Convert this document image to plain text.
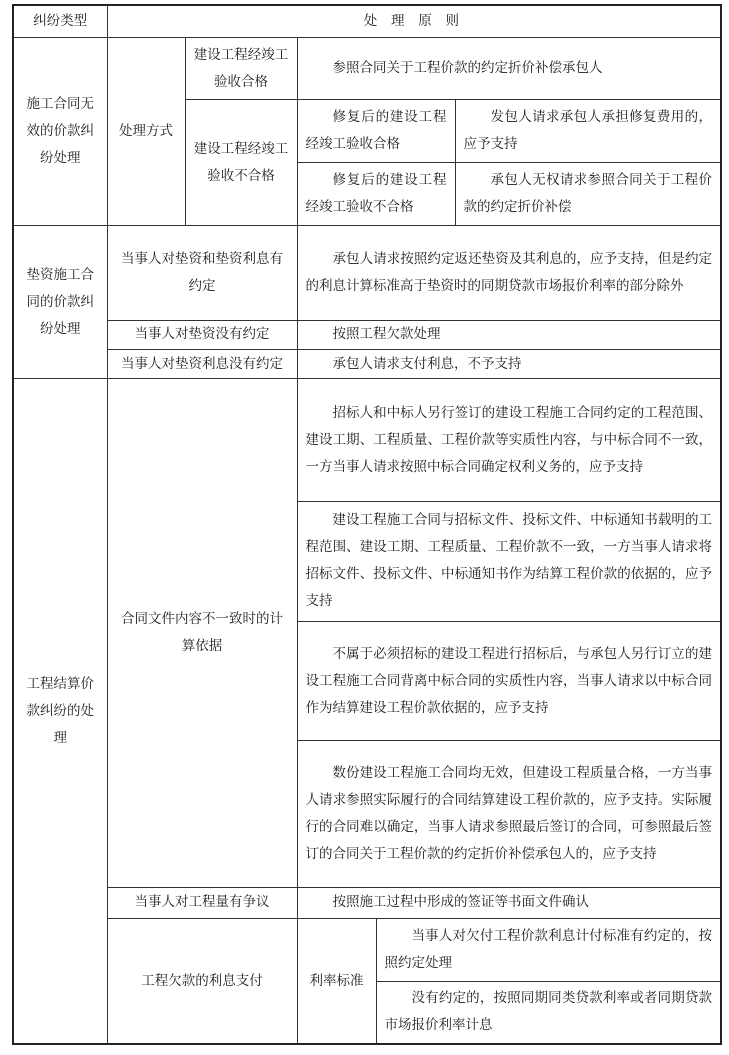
纠纷类型	处 理 原 则				
施工合同无效的价款纠纷处理	处理方式	建设工程经竣工验收合格	参照合同关于工程价款的约定折价补偿承包人		
		建设工程经竣工验收不合格	修复后的建设工程经竣工验收合格		发包人请求承包人承担修复费用的，应予支持
			修复后的建设工程经竣工验收不合格		承包人无权请求参照合同关于工程价款的约定折价补偿
垫资施工合同的价款纠纷处理	当事人对垫资和垫资利息有约定		承包人请求按照约定返还垫资及其利息的，应予支持，但是约定的利息计算标准高于垫资时的同期贷款市场报价利率的部分除外		
	当事人对垫资没有约定		按照工程欠款处理		
	当事人对垫资利息没有约定		承包人请求支付利息，不予支持		
工程结算价款纠纷的处理	合同文件内容不一致时的计算依据		招标人和中标人另行签订的建设工程施工合同约定的工程范围、建设工期、工程质量、工程价款等实质性内容，与中标合同不一致，一方当事人请求按照中标合同确定权利义务的，应予支持		
			建设工程施工合同与招标文件、投标文件、中标通知书载明的工程范围、建设工期、工程质量、工程价款不一致，一方当事人请求将招标文件、投标文件、中标通知书作为结算工程价款的依据的，应予支持		
			不属于必须招标的建设工程进行招标后，与承包人另行订立的建设工程施工合同背离中标合同的实质性内容，当事人请求以中标合同作为结算建设工程价款依据的，应予支持		
			数份建设工程施工合同均无效，但建设工程质量合格，一方当事人请求参照实际履行的合同结算建设工程价款的，应予支持。实际履行的合同难以确定，当事人请求参照最后签订的合同，可参照最后签订的合同关于工程价款的约定折价补偿承包人的，应予支持		
	当事人对工程量有争议		按照施工过程中形成的签证等书面文件确认		
	工程欠款的利息支付		利率标准	当事人对欠付工程价款利息计付标准有约定的，按照约定处理	
				没有约定的，按照同期同类贷款利率或者同期贷款市场报价利率计息	
